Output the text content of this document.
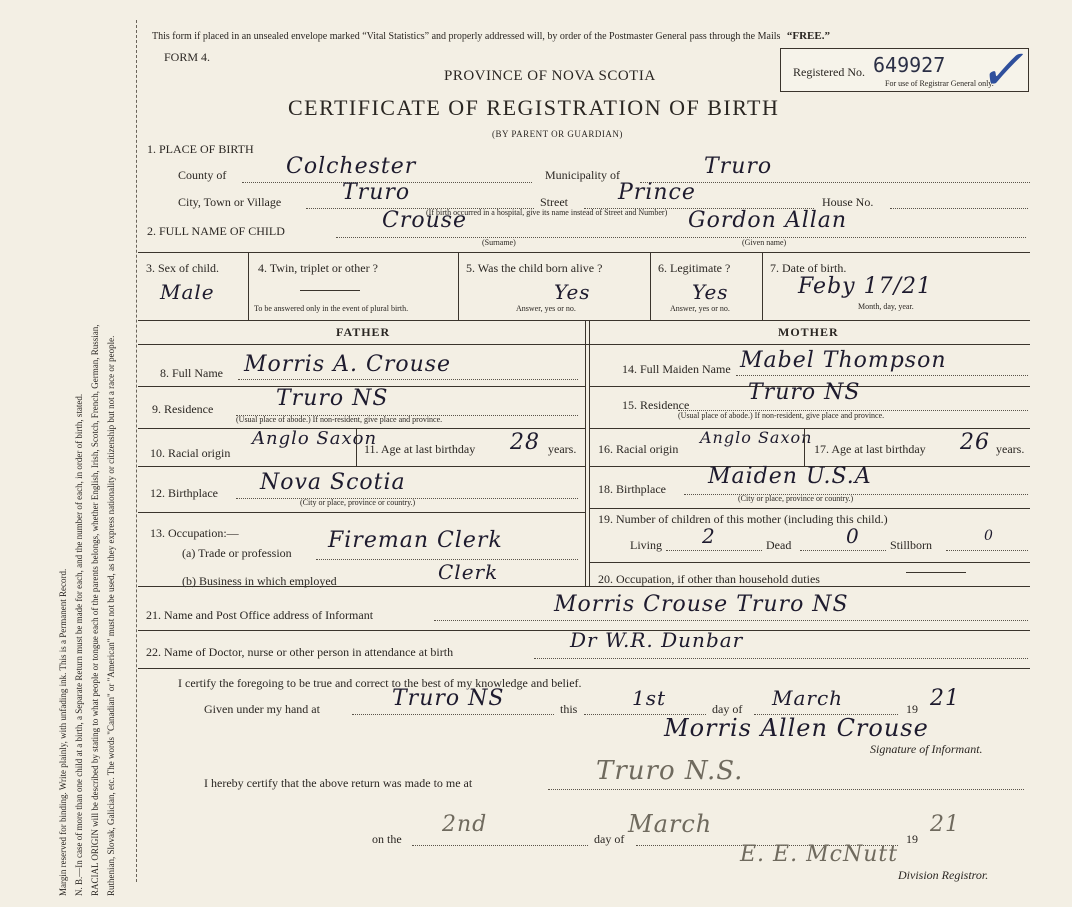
Margin reserved for binding. Write plainly, with unfading ink. This is a Permanent Record. N. B.—In case of more than one child at a birth, a Separate Return must be made for each, and the number of each, in order of birth, stated. RACIAL ORIGIN will be described by stating to what people or tongue each of the parents belongs, whether English, Irish, Scotch, French, German, Russian, Ruthenian, Slovak, Galician, etc. The words "Canadian" or "American" must not be used, as they express nationality or citizenship but not a race or people.
This form if placed in an unsealed envelope marked “Vital Statistics” and properly addressed will, by order of the Postmaster General pass through the Mails “FREE.”
FORM 4.
PROVINCE OF NOVA SCOTIA
CERTIFICATE OF REGISTRATION OF BIRTH
(BY PARENT OR GUARDIAN)
Registered No. 649927
For use of Registrar General only.
✓
1. PLACE OF BIRTH
County of	Colchester	Municipality of	Truro
City, Town or Village	Truro	Street Prince	House No.
(If birth occurred in a hospital, give its name instead of Street and Number)
2. FULL NAME OF CHILD	Crouse
(Surname)
Gordon Allan
(Given name)
3. Sex of child.
Male
4. Twin, triplet or other ?
To be answered only in the event of plural birth.
5. Was the child born alive ?
Yes
Answer, yes or no.
6. Legitimate ?
Yes
Answer, yes or no.
7. Date of birth.
Feby 17/21
Month, day, year.
FATHER	MOTHER
8. Full Name Morris A. Crouse
9. Residence	Truro NS
(Usual place of abode.) If non-resident, give place and province.
10. Racial origin
Anglo Saxon
11. Age at last birthday 28 years.
12. Birthplace Nova Scotia
(City or place, province or country.)
13. Occupation:—
(a) Trade or profession Fireman Clerk
(b) Business in which employed	Clerk
14. Full Maiden Name Mabel Thompson
15. Residence	Truro NS
(Usual place of abode.) If non-resident, give place and province.
16. Racial origin
Anglo Saxon
17. Age at last birthday 26 years.
18. Birthplace Maiden U.S.A
(City or place, province or country.)
19. Number of children of this mother (including this child.)
Living 2	Dead	0	Stillborn
0
20. Occupation, if other than household duties
21. Name and Post Office address of Informant	Morris Crouse Truro NS
22. Name of Doctor, nurse or other person in attendance at birth	Dr W.R. Dunbar
I certify the foregoing to be true and correct to the best of my knowledge and belief.
Given under my hand at	Truro NS	this	1st	day of March	19 21
Morris Allen Crouse
Signature of Informant.
I hereby certify that the above return was made to me at	Truro N.S.
on the
2nd
day of
March
19
21
E. E. McNutt
Division Registror.
